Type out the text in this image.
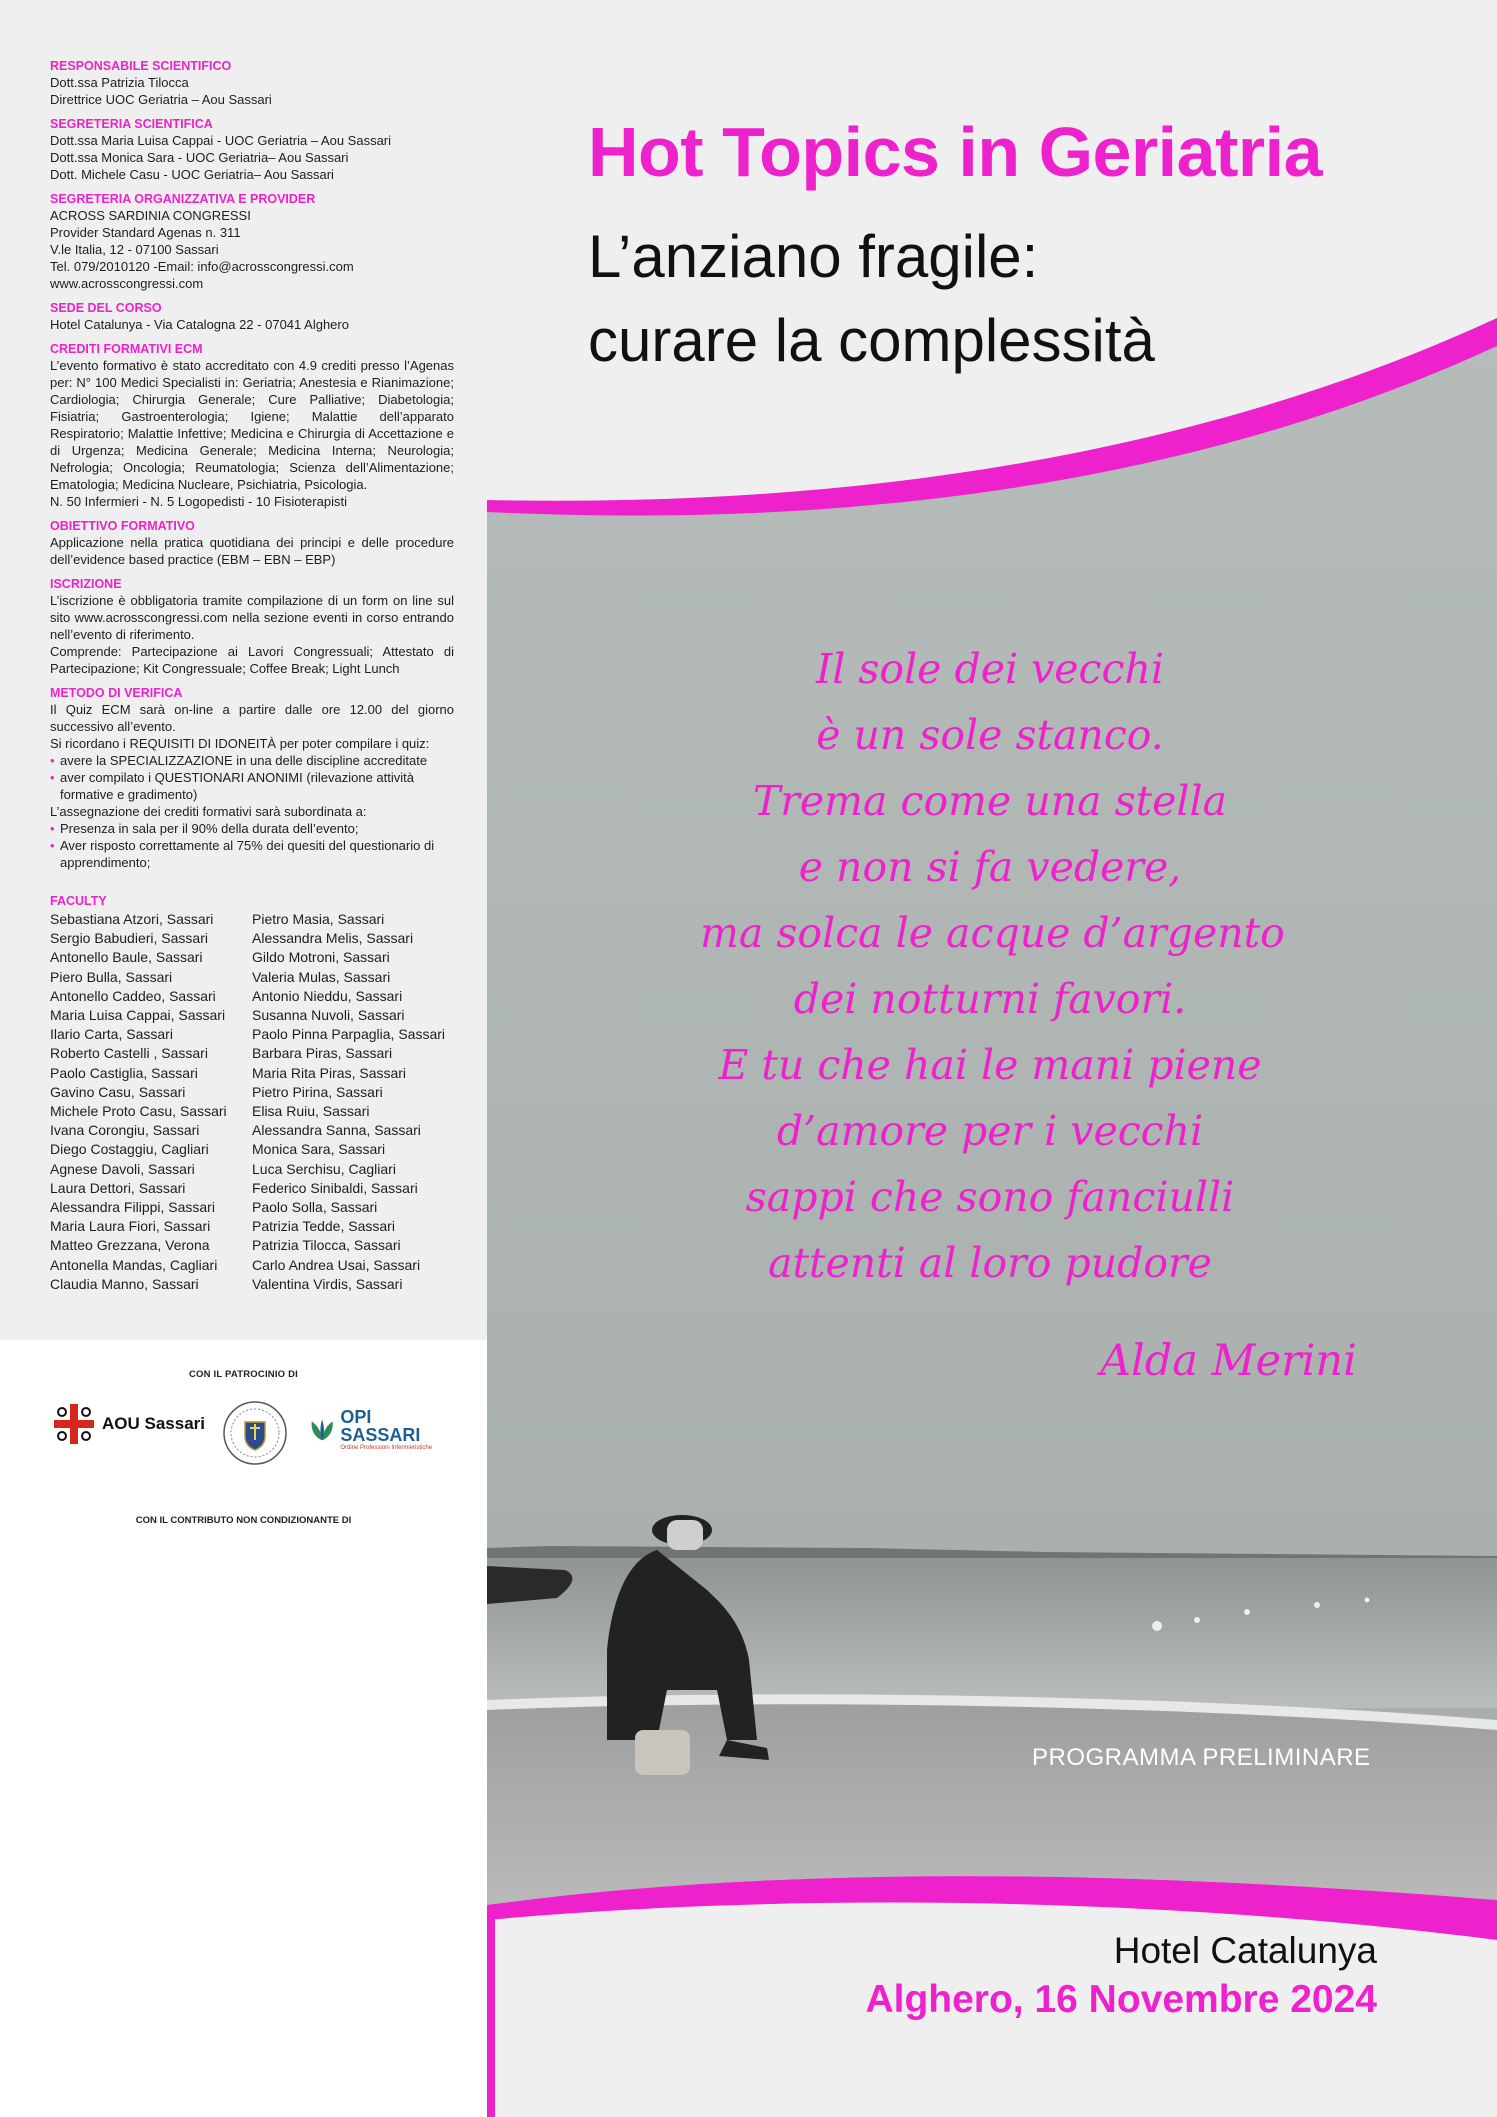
RESPONSABILE SCIENTIFICO

Dott.ssa Patrizia Tilocca

Direttrice UOC Geriatria – Aou Sassari

SEGRETERIA SCIENTIFICA

Dott.ssa Maria Luisa Cappai - UOC Geriatria – Aou Sassari

Dott.ssa Monica Sara - UOC Geriatria– Aou Sassari

Dott. Michele Casu - UOC Geriatria– Aou Sassari

SEGRETERIA ORGANIZZATIVA E PROVIDER

ACROSS SARDINIA CONGRESSI

Provider Standard Agenas n. 311

V.le Italia, 12 - 07100 Sassari

Tel. 079/2010120 -Email: info@acrosscongressi.com

www.acrosscongressi.com

SEDE DEL CORSO

Hotel Catalunya - Via Catalogna 22 - 07041 Alghero

CREDITI FORMATIVI ECM

L’evento formativo è stato accreditato con 4.9 crediti presso l’Agenas per: N° 100 Medici Specialisti in: Geriatria; Anestesia e Rianimazione; Cardiologia; Chirurgia Generale; Cure Palliative; Diabetologia; Fisiatria; Gastroenterologia; Igiene; Malattie dell’apparato Respiratorio; Malattie Infettive; Medicina e Chirurgia di Accettazione e di Urgenza; Medicina Generale; Medicina Interna; Neurologia; Nefrologia; Oncologia; Reumatologia; Scienza dell’Alimentazione; Ematologia; Medicina Nucleare, Psichiatria, Psicologia.

N. 50 Infermieri - N. 5 Logopedisti - 10 Fisioterapisti

OBIETTIVO FORMATIVO

Applicazione nella pratica quotidiana dei principi e delle procedure dell’evidence based practice (EBM – EBN – EBP)

ISCRIZIONE

L’iscrizione è obbligatoria tramite compilazione di un form on line sul sito www.acrosscongressi.com nella sezione eventi in corso entrando nell’evento di riferimento.

Comprende: Partecipazione ai Lavori Congressuali; Attestato di Partecipazione; Kit Congressuale; Coffee Break; Light Lunch

METODO DI VERIFICA

Il Quiz ECM sarà on-line a partire dalle ore 12.00 del giorno successivo all’evento.

Si ricordano i REQUISITI DI IDONEITÀ per poter compilare i quiz:

• avere la SPECIALIZZAZIONE in una delle discipline accreditate
• aver compilato i QUESTIONARI ANONIMI (rilevazione attività formative e gradimento)

L’assegnazione dei crediti formativi sarà subordinata a:

• Presenza in sala per il 90% della durata dell’evento;
• Aver risposto correttamente al 75% dei quesiti del questionario di apprendimento;
FACULTY
Sebastiana Atzori, Sassari
Sergio Babudieri, Sassari
Antonello Baule, Sassari
Piero Bulla, Sassari
Antonello Caddeo, Sassari
Maria Luisa Cappai, Sassari
Ilario Carta, Sassari
Roberto Castelli , Sassari
Paolo Castiglia, Sassari
Gavino Casu, Sassari
Michele Proto Casu, Sassari
Ivana Corongiu, Sassari
Diego Costaggiu, Cagliari
Agnese Davoli, Sassari
Laura Dettori, Sassari
Alessandra Filippi, Sassari
Maria Laura Fiori, Sassari
Matteo Grezzana, Verona
Antonella Mandas, Cagliari
Claudia Manno, Sassari
Pietro Masia, Sassari
Alessandra Melis, Sassari
Gildo Motroni, Sassari
Valeria Mulas, Sassari
Antonio Nieddu, Sassari
Susanna Nuvoli, Sassari
Paolo Pinna Parpaglia, Sassari
Barbara Piras, Sassari
Maria Rita Piras, Sassari
Pietro Pirina, Sassari
Elisa Ruiu, Sassari
Alessandra Sanna, Sassari
Monica Sara, Sassari
Luca Serchisu, Cagliari
Federico Sinibaldi, Sassari
Paolo Solla, Sassari
Patrizia Tedde, Sassari
Patrizia Tilocca, Sassari
Carlo Andrea Usai, Sassari
Valentina Virdis, Sassari
CON IL PATROCINIO DI
AOU Sassari	OPI SASSARI
Ordine Professioni Infermieristiche
CON IL CONTRIBUTO NON CONDIZIONANTE DI
Hot Topics in Geriatria
L’anziano fragile:
curare la complessità
Il sole dei vecchi
è un sole stanco.
Trema come una stella
e non si fa vedere,
ma solca le acque d’argento
dei notturni favori.
E tu che hai le mani piene
d’amore per i vecchi
sappi che sono fanciulli
attenti al loro pudore
Alda Merini
PROGRAMMA PRELIMINARE
Hotel Catalunya
Alghero, 16 Novembre 2024
